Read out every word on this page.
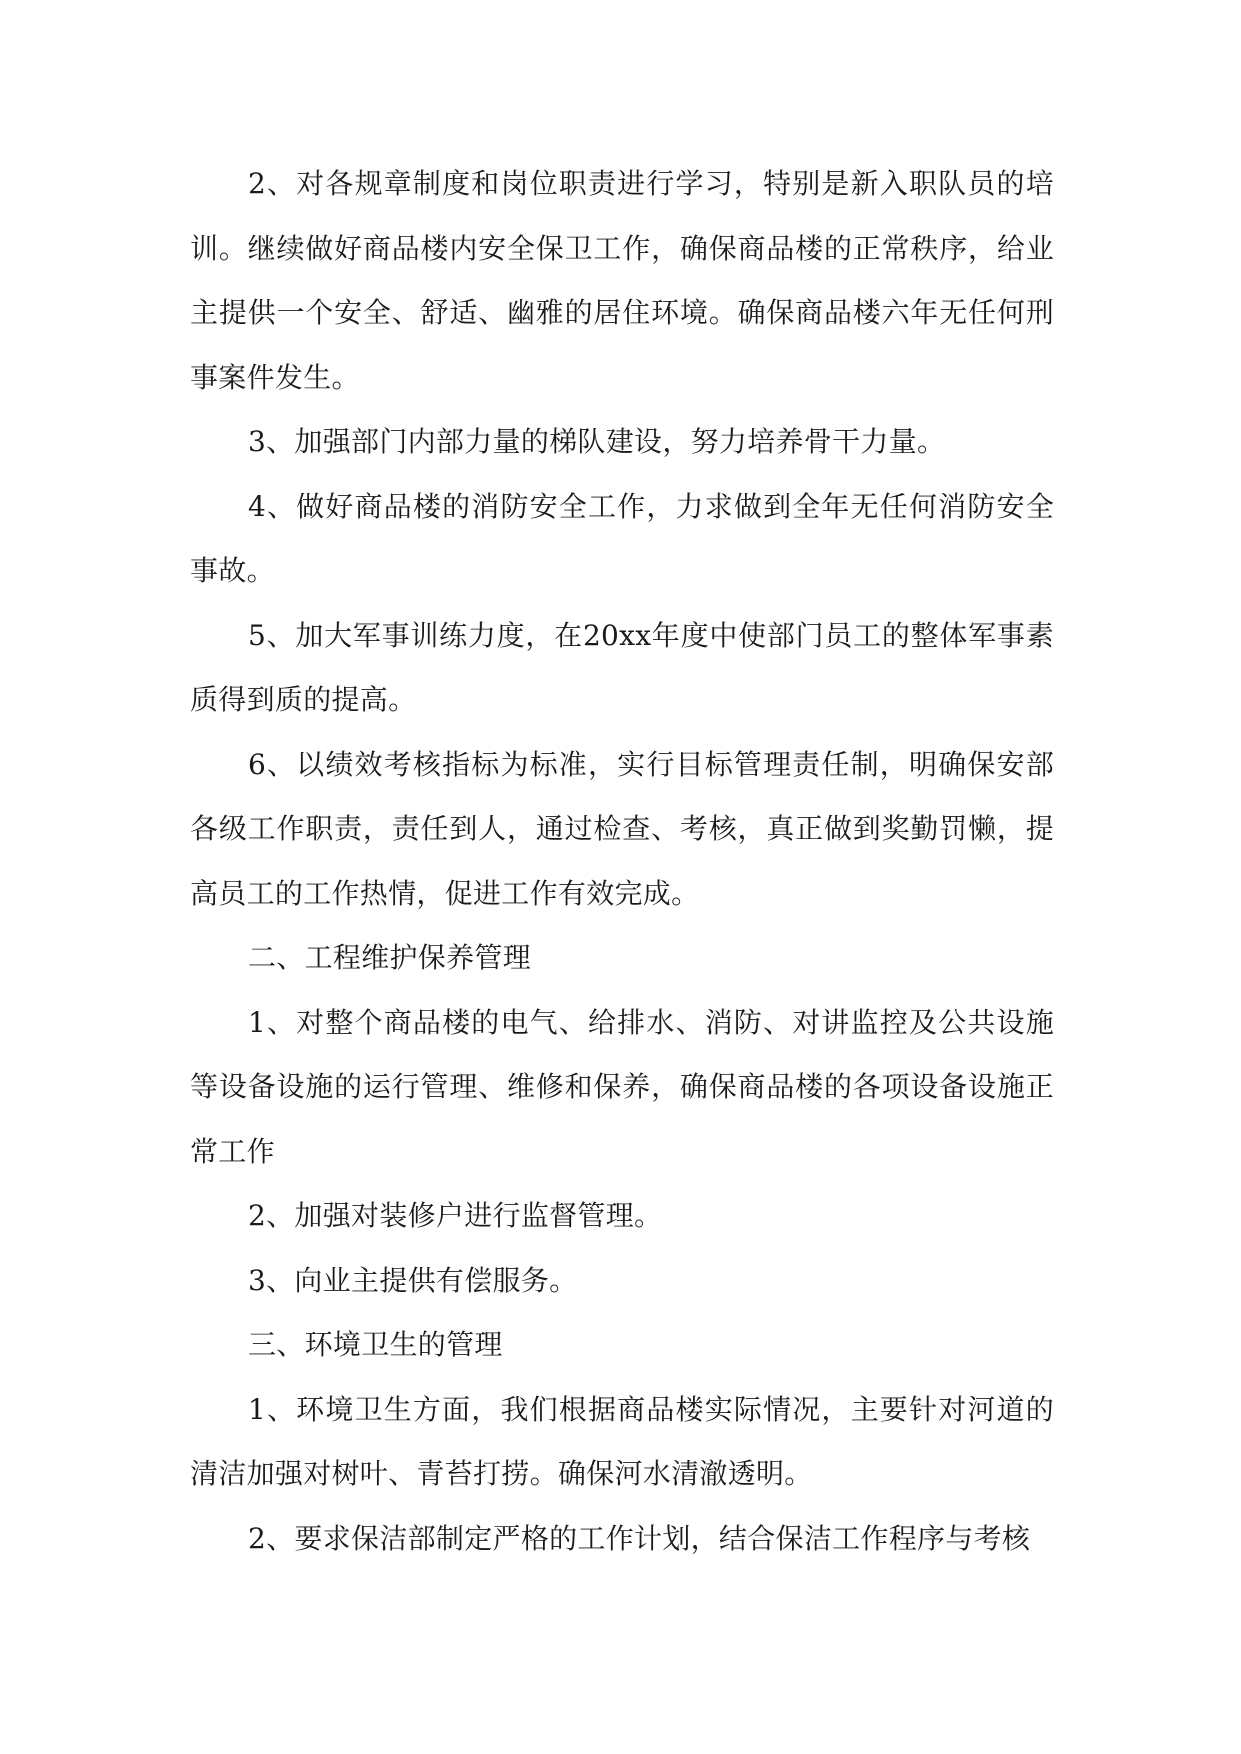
2、对各规章制度和岗位职责进行学习，特别是新入职队员的培训。继续做好商品楼内安全保卫工作，确保商品楼的正常秩序，给业主提供一个安全、舒适、幽雅的居住环境。确保商品楼六年无任何刑事案件发生。

3、加强部门内部力量的梯队建设，努力培养骨干力量。

4、做好商品楼的消防安全工作，力求做到全年无任何消防安全事故。

5、加大军事训练力度，在20xx年度中使部门员工的整体军事素质得到质的提高。

6、以绩效考核指标为标准，实行目标管理责任制，明确保安部各级工作职责，责任到人，通过检查、考核，真正做到奖勤罚懒，提高员工的工作热情，促进工作有效完成。

二、工程维护保养管理

1、对整个商品楼的电气、给排水、消防、对讲监控及公共设施等设备设施的运行管理、维修和保养，确保商品楼的各项设备设施正常工作

2、加强对装修户进行监督管理。

3、向业主提供有偿服务。

三、环境卫生的管理

1、环境卫生方面，我们根据商品楼实际情况，主要针对河道的清洁加强对树叶、青苔打捞。确保河水清澈透明。

2、要求保洁部制定严格的工作计划，结合保洁工作程序与考核
